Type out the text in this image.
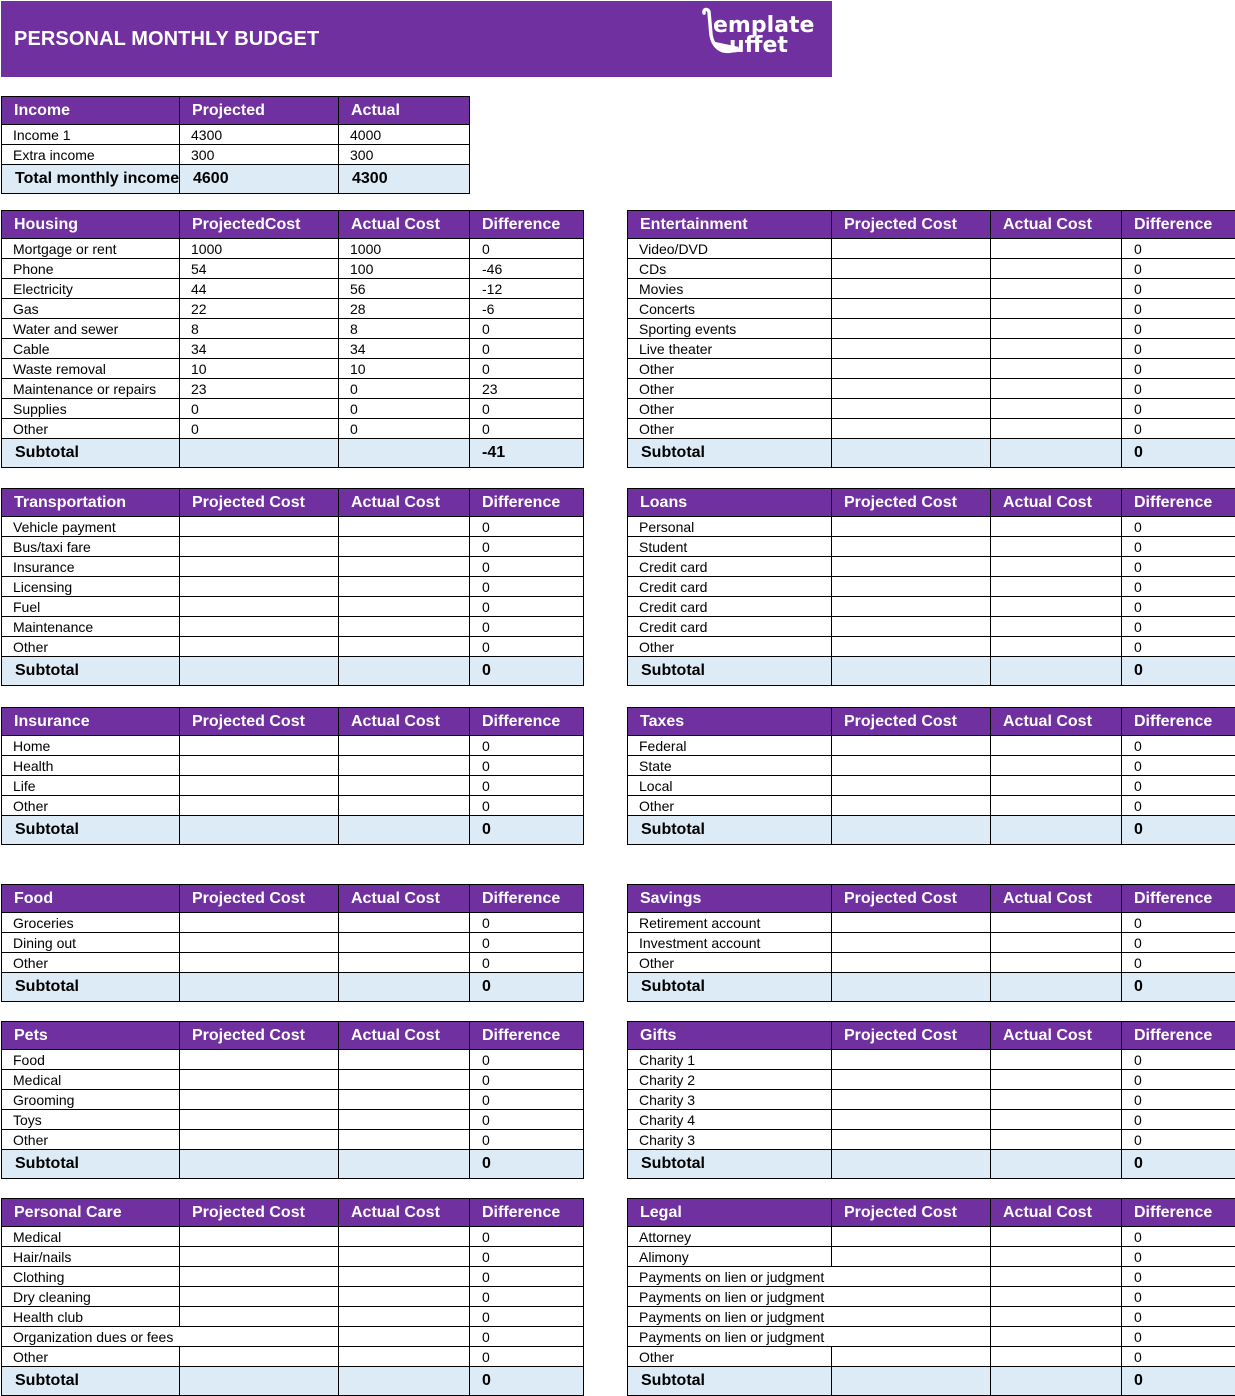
PERSONAL MONTHLY BUDGET
emplate
uffet
Income	Projected	Actual
Income 1	4300	4000
Extra income	300	300
Total monthly income	4600	4300
Housing	ProjectedCost	Actual Cost	Difference
Mortgage or rent	1000	1000	0
Phone	54	100	-46
Electricity	44	56	-12
Gas	22	28	-6
Water and sewer	8	8	0
Cable	34	34	0
Waste removal	10	10	0
Maintenance or repairs	23	0	23
Supplies	0	0	0
Other	0	0	0
Subtotal			-41
Entertainment	Projected Cost	Actual Cost	Difference
Video/DVD			0
CDs			0
Movies			0
Concerts			0
Sporting events			0
Live theater			0
Other			0
Other			0
Other			0
Other			0
Subtotal			0
Transportation	Projected Cost	Actual Cost	Difference
Vehicle payment			0
Bus/taxi fare			0
Insurance			0
Licensing			0
Fuel			0
Maintenance			0
Other			0
Subtotal			0
Loans	Projected Cost	Actual Cost	Difference
Personal			0
Student			0
Credit card			0
Credit card			0
Credit card			0
Credit card			0
Other			0
Subtotal			0
Insurance	Projected Cost	Actual Cost	Difference
Home			0
Health			0
Life			0
Other			0
Subtotal			0
Taxes	Projected Cost	Actual Cost	Difference
Federal			0
State			0
Local			0
Other			0
Subtotal			0
Food	Projected Cost	Actual Cost	Difference
Groceries			0
Dining out			0
Other			0
Subtotal			0
Savings	Projected Cost	Actual Cost	Difference
Retirement account			0
Investment account			0
Other			0
Subtotal			0
Pets	Projected Cost	Actual Cost	Difference
Food			0
Medical			0
Grooming			0
Toys			0
Other			0
Subtotal			0
Gifts	Projected Cost	Actual Cost	Difference
Charity 1			0
Charity 2			0
Charity 3			0
Charity 4			0
Charity 3			0
Subtotal			0
Personal Care	Projected Cost	Actual Cost	Difference
Medical			0
Hair/nails			0
Clothing			0
Dry cleaning			0
Health club			0
Organization dues or fees			0
Other			0
Subtotal			0
Legal	Projected Cost	Actual Cost	Difference
Attorney			0
Alimony			0
Payments on lien or judgment			0
Payments on lien or judgment			0
Payments on lien or judgment			0
Payments on lien or judgment			0
Other			0
Subtotal			0
